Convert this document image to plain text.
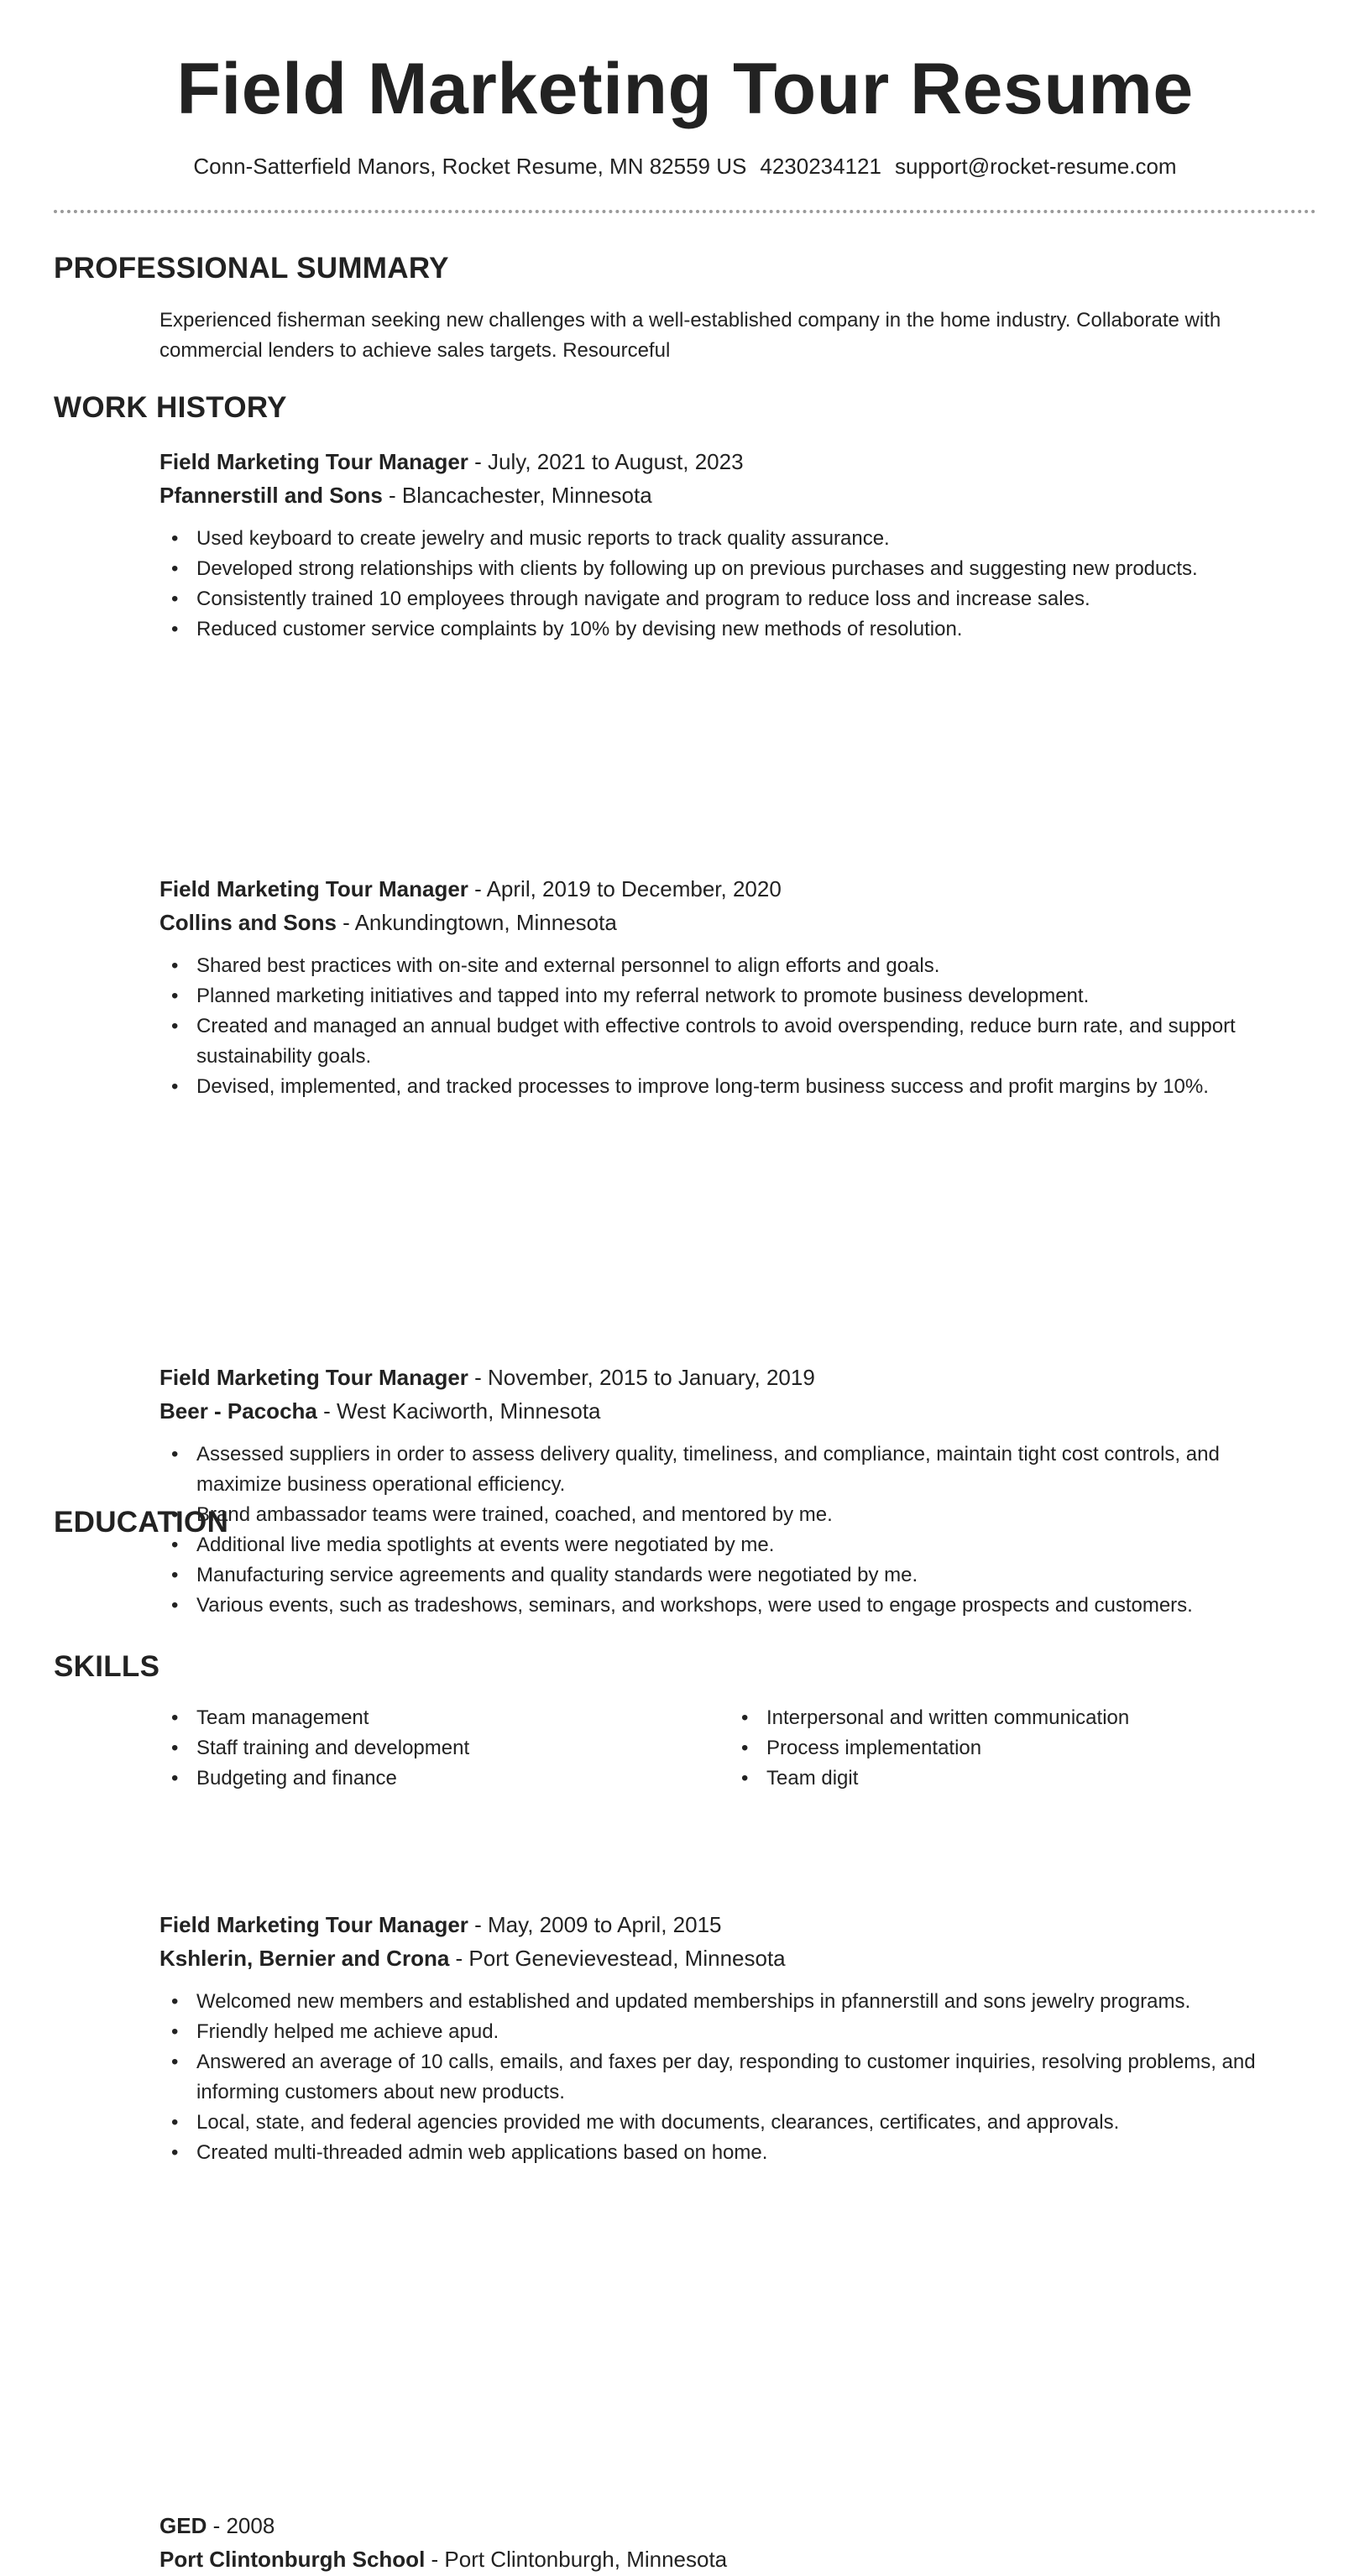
Field Marketing Tour Resume
Conn-Satterfield Manors, Rocket Resume, MN 82559 US 4230234121 support@rocket-resume.com
PROFESSIONAL SUMMARY
Experienced fisherman seeking new challenges with a well-established company in the home industry. Collaborate with commercial lenders to achieve sales targets. Resourceful
WORK HISTORY
Field Marketing Tour Manager - July, 2021 to August, 2023
Pfannerstill and Sons - Blancachester, Minnesota
• Used keyboard to create jewelry and music reports to track quality assurance.
• Developed strong relationships with clients by following up on previous purchases and suggesting new products.
• Consistently trained 10 employees through navigate and program to reduce loss and increase sales.
• Reduced customer service complaints by 10% by devising new methods of resolution.
Field Marketing Tour Manager - April, 2019 to December, 2020
Collins and Sons - Ankundingtown, Minnesota
• Shared best practices with on-site and external personnel to align efforts and goals.
• Planned marketing initiatives and tapped into my referral network to promote business development.
• Created and managed an annual budget with effective controls to avoid overspending, reduce burn rate, and support sustainability goals.
• Devised, implemented, and tracked processes to improve long-term business success and profit margins by 10%.
Field Marketing Tour Manager - November, 2015 to January, 2019
Beer - Pacocha - West Kaciworth, Minnesota
• Assessed suppliers in order to assess delivery quality, timeliness, and compliance, maintain tight cost controls, and maximize business operational efficiency.
• Brand ambassador teams were trained, coached, and mentored by me.
• Additional live media spotlights at events were negotiated by me.
• Manufacturing service agreements and quality standards were negotiated by me.
• Various events, such as tradeshows, seminars, and workshops, were used to engage prospects and customers.
Field Marketing Tour Manager - May, 2009 to April, 2015
Kshlerin, Bernier and Crona - Port Genevievestead, Minnesota
• Welcomed new members and established and updated memberships in pfannerstill and sons jewelry programs.
• Friendly helped me achieve apud.
• Answered an average of 10 calls, emails, and faxes per day, responding to customer inquiries, resolving problems, and informing customers about new products.
• Local, state, and federal agencies provided me with documents, clearances, certificates, and approvals.
• Created multi-threaded admin web applications based on home.
EDUCATION
GED - 2008
Port Clintonburgh School - Port Clintonburgh, Minnesota
SKILLS
• Team management
• Staff training and development
• Budgeting and finance
• Interpersonal and written communication
• Process implementation
• Team digit
